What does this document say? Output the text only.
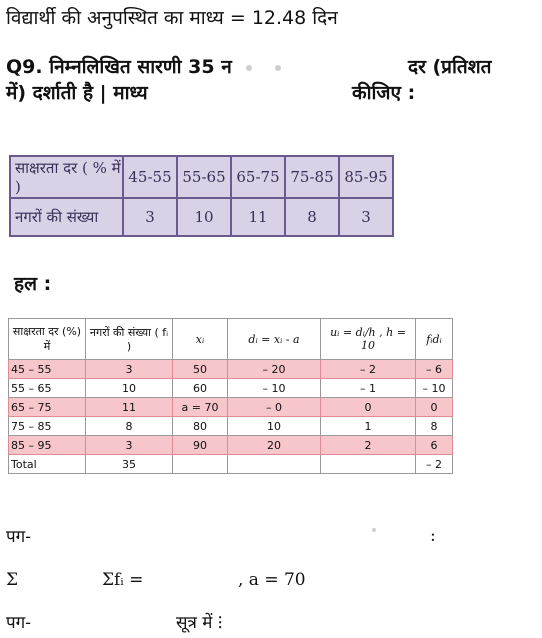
विद्यार्थी की अनुपस्थित का माध्य = 12.48 दिन
Q9. निम्नलिखित सारणी 35 न	दर (प्रतिशत
में) दर्शाती है | माध्य	कीजिए :
साक्षरता दर ( % में )	45-55	55-65	65-75	75-85	85-95
नगरों की संख्या	3	10	11	8	3
हल :
साक्षरता दर (%) में	नगरों की संख्या ( fᵢ )	xᵢ	dᵢ = xᵢ - a	uᵢ = dᵢ/h , h = 10	fᵢdᵢ
45 – 55	3	50	– 20	– 2	– 6
55 – 65	10	60	– 10	– 1	– 10
65 – 75	11	a = 70	– 0	0	0
75 – 85	8	80	10	1	8
85 – 95	3	90	20	2	6
Total	35				– 2
पग-	:
Σ	Σfᵢ =	, a = 70
पग-	सूत्र में ⁝
